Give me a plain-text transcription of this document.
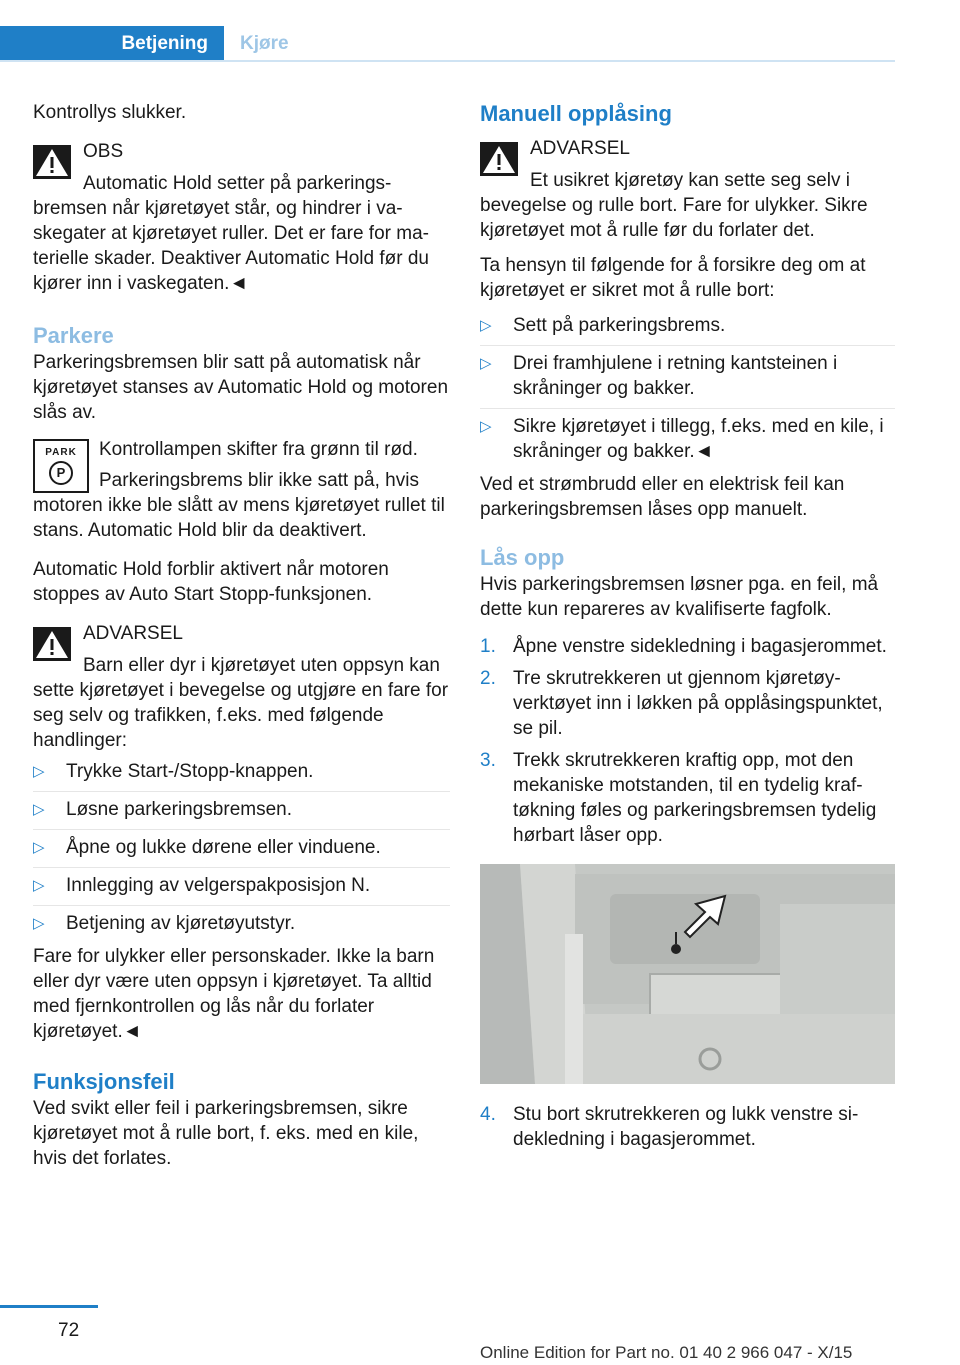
Betjening	Kjøre

Kontrollys slukker.

OBS

Automatic Hold setter på parkeringsbremsen når kjøretøyet står, og hindrer i vaskegater at kjøretøyet ruller. Det er fare for materielle skader. Deaktiver Automatic Hold før du kjører inn i vaskegaten.◄

Parkere

Parkeringsbremsen blir satt på automatisk når kjøretøyet stanses av Automatic Hold og motoren slås av.

PARK
P

Kontrollampen skifter fra grønn til rød.

Parkeringsbrems blir ikke satt på, hvis motoren ikke ble slått av mens kjøretøyet rullet til stans. Automatic Hold blir da deaktivert.

Automatic Hold forblir aktivert når motoren stoppes av Auto Start Stopp-funksjonen.

ADVARSEL

Barn eller dyr i kjøretøyet uten oppsyn kan sette kjøretøyet i bevegelse og utgjøre en fare for seg selv og trafikken, f.eks. med følgende handlinger:

▷ Trykke Start-/Stopp-knappen.
▷ Løsne parkeringsbremsen.
▷ Åpne og lukke dørene eller vinduene.
▷ Innlegging av velgerspakposisjon N.
▷ Betjening av kjøretøyutstyr.

Fare for ulykker eller personskader. Ikke la barn eller dyr være uten oppsyn i kjøretøyet. Ta alltid med fjernkontrollen og lås når du forlater kjøretøyet.◄

Funksjonsfeil

Ved svikt eller feil i parkeringsbremsen, sikre kjøretøyet mot å rulle bort, f. eks. med en kile, hvis det forlates.

Manuell opplåsing
ADVARSEL

Et usikret kjøretøy kan sette seg selv i bevegelse og rulle bort. Fare for ulykker. Sikre kjøretøyet mot å rulle før du forlater det.

Ta hensyn til følgende for å forsikre deg om at kjøretøyet er sikret mot å rulle bort:

▷ Sett på parkeringsbrems.
▷ Drei framhjulene i retning kantsteinen i skråninger og bakker.
▷ Sikre kjøretøyet i tillegg, f.eks. med en kile, i skråninger og bakker.◄

Ved et strømbrudd eller en elektrisk feil kan parkeringsbremsen låses opp manuelt.

Lås opp

Hvis parkeringsbremsen løsner pga. en feil, må dette kun repareres av kvalifiserte fagfolk.

1. Åpne venstre sidekledning i bagasjerommet.
2. Tre skrutrekkeren ut gjennom kjøretøyverktøyet inn i løkken på opplåsingspunktet, se pil.
3. Trekk skrutrekkeren kraftig opp, mot den mekaniske motstanden, til en tydelig kraftøkning føles og parkeringsbremsen tydelig hørbart låser opp.
4. Stu bort skrutrekkeren og lukk venstre sidekledning i bagasjerommet.
72
Online Edition for Part no. 01 40 2 966 047 - X/15
